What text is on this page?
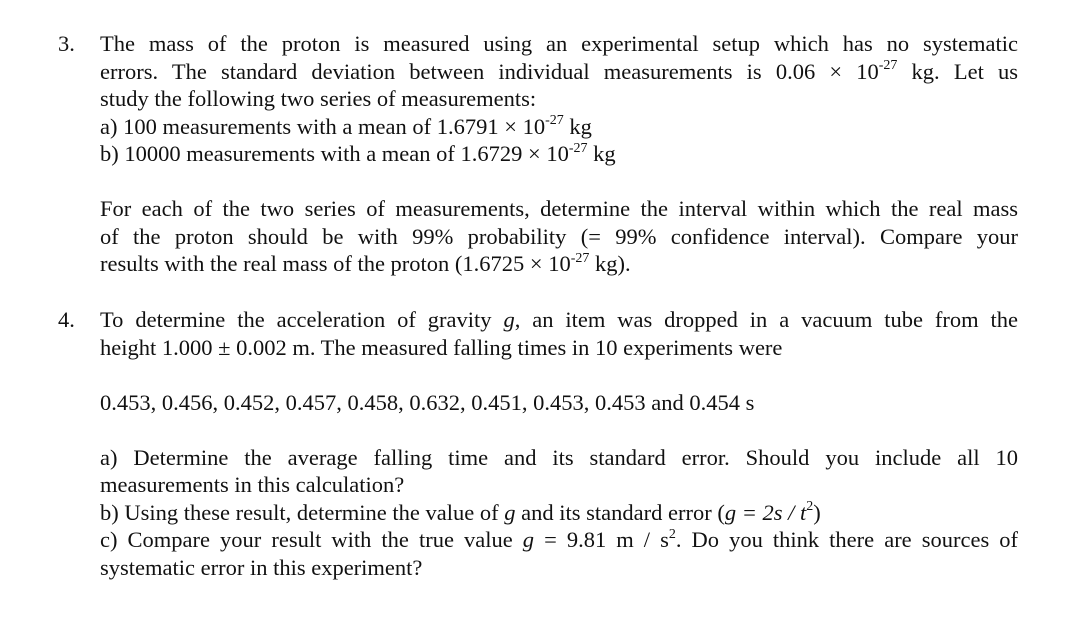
3.	The mass of the proton is measured using an experimental setup which has no systematic
errors. The standard deviation between individual measurements is $0.06 \times 10^{-27}$ kg. Let us
study the following two series of measurements:
a) 100 measurements with a mean of $1.6791 \times 10^{-27}$ kg
b) 10000 measurements with a mean of $1.6729 \times 10^{-27}$ kg
For each of the two series of measurements, determine the interval within which the real mass
of the proton should be with 99% probability (= 99% confidence interval). Compare your
results with the real mass of the proton ($1.6725 \times 10^{-27}$ kg).
4.	To determine the acceleration of gravity g, an item was dropped in a vacuum tube from the
height 1.000 ± 0.002 m. The measured falling times in 10 experiments were
0.453, 0.456, 0.452, 0.457, 0.458, 0.632, 0.451, 0.453, 0.453 and 0.454 s
a) Determine the average falling time and its standard error. Should you include all 10
measurements in this calculation?
b) Using these result, determine the value of g and its standard error $(g = 2s / t^2)$
c) Compare your result with the true value g = 9.81 m / $s^2$. Do you think there are sources of
systematic error in this experiment?
